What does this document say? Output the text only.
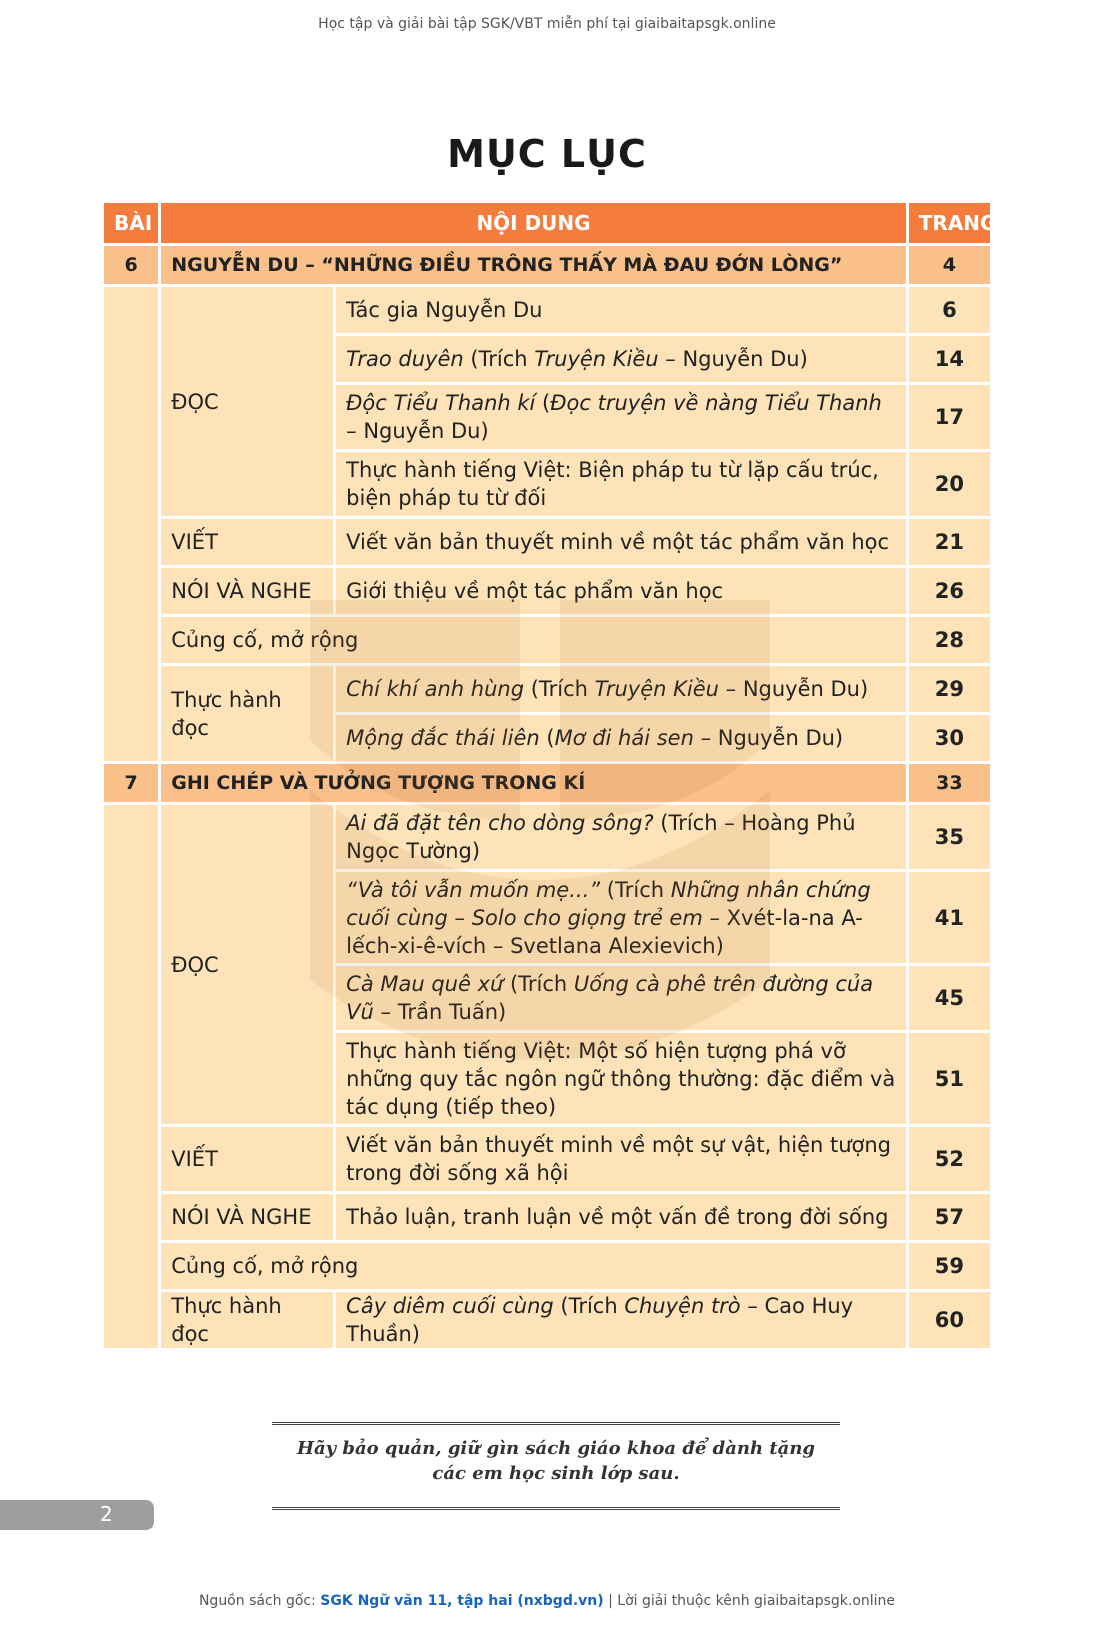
Học tập và giải bài tập SGK/VBT miễn phí tại giaibaitapsgk.online
MỤC LỤC
BÀI	NỘI DUNG		TRANG
6	NGUYỄN DU – “NHỮNG ĐIỀU TRÔNG THẤY MÀ ĐAU ĐỚN LÒNG”		4
	ĐỌC	Tác gia Nguyễn Du	6
		Trao duyên (Trích Truyện Kiều – Nguyễn Du)	14
		Độc Tiểu Thanh kí (Đọc truyện về nàng Tiểu Thanh – Nguyễn Du)	17
		Thực hành tiếng Việt: Biện pháp tu từ lặp cấu trúc, biện pháp tu từ đối	20
	VIẾT	Viết văn bản thuyết minh về một tác phẩm văn học	21
	NÓI VÀ NGHE	Giới thiệu về một tác phẩm văn học	26
	Củng cố, mở rộng		28
	Thực hành đọc	Chí khí anh hùng (Trích Truyện Kiều – Nguyễn Du)	29
		Mộng đắc thái liên (Mơ đi hái sen – Nguyễn Du)	30
7	GHI CHÉP VÀ TƯỞNG TƯỢNG TRONG KÍ		33
	ĐỌC	Ai đã đặt tên cho dòng sông? (Trích – Hoàng Phủ Ngọc Tường)	35
		“Và tôi vẫn muốn mẹ...” (Trích Những nhân chứng cuối cùng – Solo cho giọng trẻ em – Xvét-la-na A-lếch-xi-ê-vích – Svetlana Alexievich)	41
		Cà Mau quê xứ (Trích Uống cà phê trên đường của Vũ – Trần Tuấn)	45
		Thực hành tiếng Việt: Một số hiện tượng phá vỡ những quy tắc ngôn ngữ thông thường: đặc điểm và tác dụng (tiếp theo)	51
	VIẾT	Viết văn bản thuyết minh về một sự vật, hiện tượng trong đời sống xã hội	52
	NÓI VÀ NGHE	Thảo luận, tranh luận về một vấn đề trong đời sống	57
	Củng cố, mở rộng		59
	Thực hành đọc	Cây diêm cuối cùng (Trích Chuyện trò – Cao Huy Thuần)	60
Hãy bảo quản, giữ gìn sách giáo khoa để dành tặng
các em học sinh lớp sau.
2
Nguồn sách gốc: SGK Ngữ văn 11, tập hai (nxbgd.vn) | Lời giải thuộc kênh giaibaitapsgk.online
